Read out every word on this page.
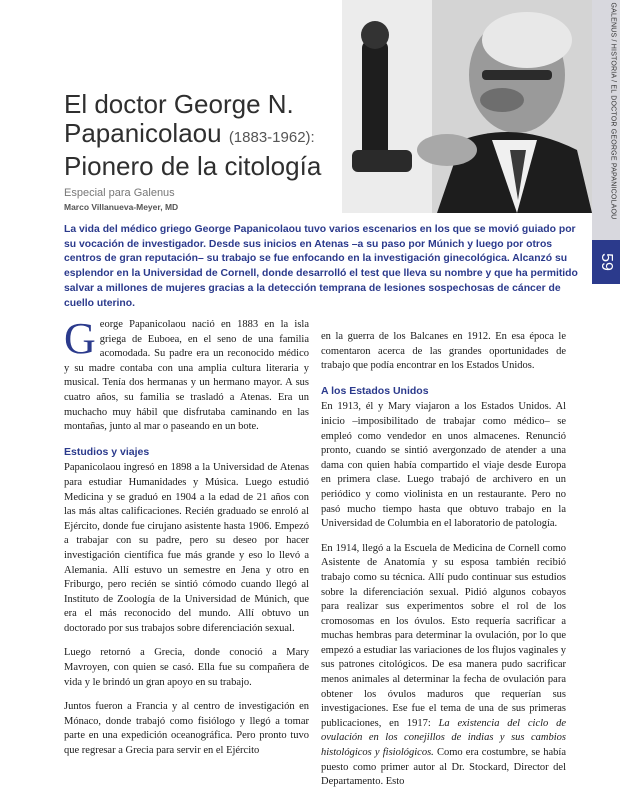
GALENUS / HISTORIA / EL DOCTOR GEORGE PAPANICOLAOU
59
El doctor George N.
Papanicolaou (1883-1962):
Pionero de la citología
Especial para Galenus
Marco Villanueva-Meyer, MD

La vida del médico griego George Papanicolaou tuvo varios escenarios en los que se movió guiado por su vocación de investigador. Desde sus inicios en Atenas –a su paso por Múnich y luego por otros centros de gran reputación– su trabajo se fue enfocando en la investigación ginecológica. Alcanzó su esplendor en la Universidad de Cornell, donde desarrolló el test que lleva su nombre y que ha permitido salvar a millones de mujeres gracias a la detección temprana de lesiones sospechosas de cáncer de cuello uterino.

George Papanicolaou nació en 1883 en la isla griega de Euboea, en el seno de una familia acomodada. Su padre era un reconocido médico y su madre contaba con una amplia cultura literaria y musical. Tenía dos hermanas y un hermano mayor. A sus cuatro años, su familia se trasladó a Atenas. Era un muchacho muy hábil que disfrutaba caminando en las montañas, junto al mar o paseando en un bote.

Estudios y viajes

Papanicolaou ingresó en 1898 a la Universidad de Atenas para estudiar Humanidades y Música. Luego estudió Medicina y se graduó en 1904 a la edad de 21 años con las más altas calificaciones. Recién graduado se enroló al Ejército, donde fue cirujano asistente hasta 1906. Empezó a trabajar con su padre, pero su deseo por hacer investigación científica fue más grande y eso lo llevó a Alemania. Allí estuvo un semestre en Jena y otro en Friburgo, pero recién se sintió cómodo cuando llegó al Instituto de Zoología de la Universidad de Múnich, que era el más reconocido del mundo. Allí obtuvo un doctorado por sus trabajos sobre diferenciación sexual.

Luego retornó a Grecia, donde conoció a Mary Mavroyen, con quien se casó. Ella fue su compañera de vida y le brindó un gran apoyo en su trabajo.

Juntos fueron a Francia y al centro de investigación en Mónaco, donde trabajó como fisiólogo y llegó a tomar parte en una expedición oceanográfica. Pero pronto tuvo que regresar a Grecia para servir en el Ejército

en la guerra de los Balcanes en 1912. En esa época le comentaron acerca de las grandes oportunidades de trabajo que podía encontrar en los Estados Unidos.

A los Estados Unidos

En 1913, él y Mary viajaron a los Estados Unidos. Al inicio –imposibilitado de trabajar como médico– se empleó como vendedor en unos almacenes. Renunció pronto, cuando se sintió avergonzado de atender a una dama con quien había compartido el viaje desde Europa en primera clase. Luego trabajó de archivero en un periódico y como violinista en un restaurante. Pero no pasó mucho tiempo hasta que obtuvo trabajo en la Universidad de Columbia en el laboratorio de patología.

En 1914, llegó a la Escuela de Medicina de Cornell como Asistente de Anatomía y su esposa también recibió trabajo como su técnica. Allí pudo continuar sus estudios sobre la diferenciación sexual. Pidió algunos cobayos para realizar sus experimentos sobre el rol de los cromosomas en los óvulos. Esto requería sacrificar a muchas hembras para determinar la ovulación, por lo que empezó a estudiar las variaciones de los flujos vaginales y sus patrones citológicos. De esa manera pudo sacrificar menos animales al determinar la fecha de ovulación para obtener los óvulos maduros que requerían sus investigaciones. Ese fue el tema de una de sus primeras publicaciones, en 1917: La existencia del ciclo de ovulación en los conejillos de indias y sus cambios histológicos y fisiológicos. Como era costumbre, se había puesto como primer autor al Dr. Stockard, Director del Departamento. Esto
